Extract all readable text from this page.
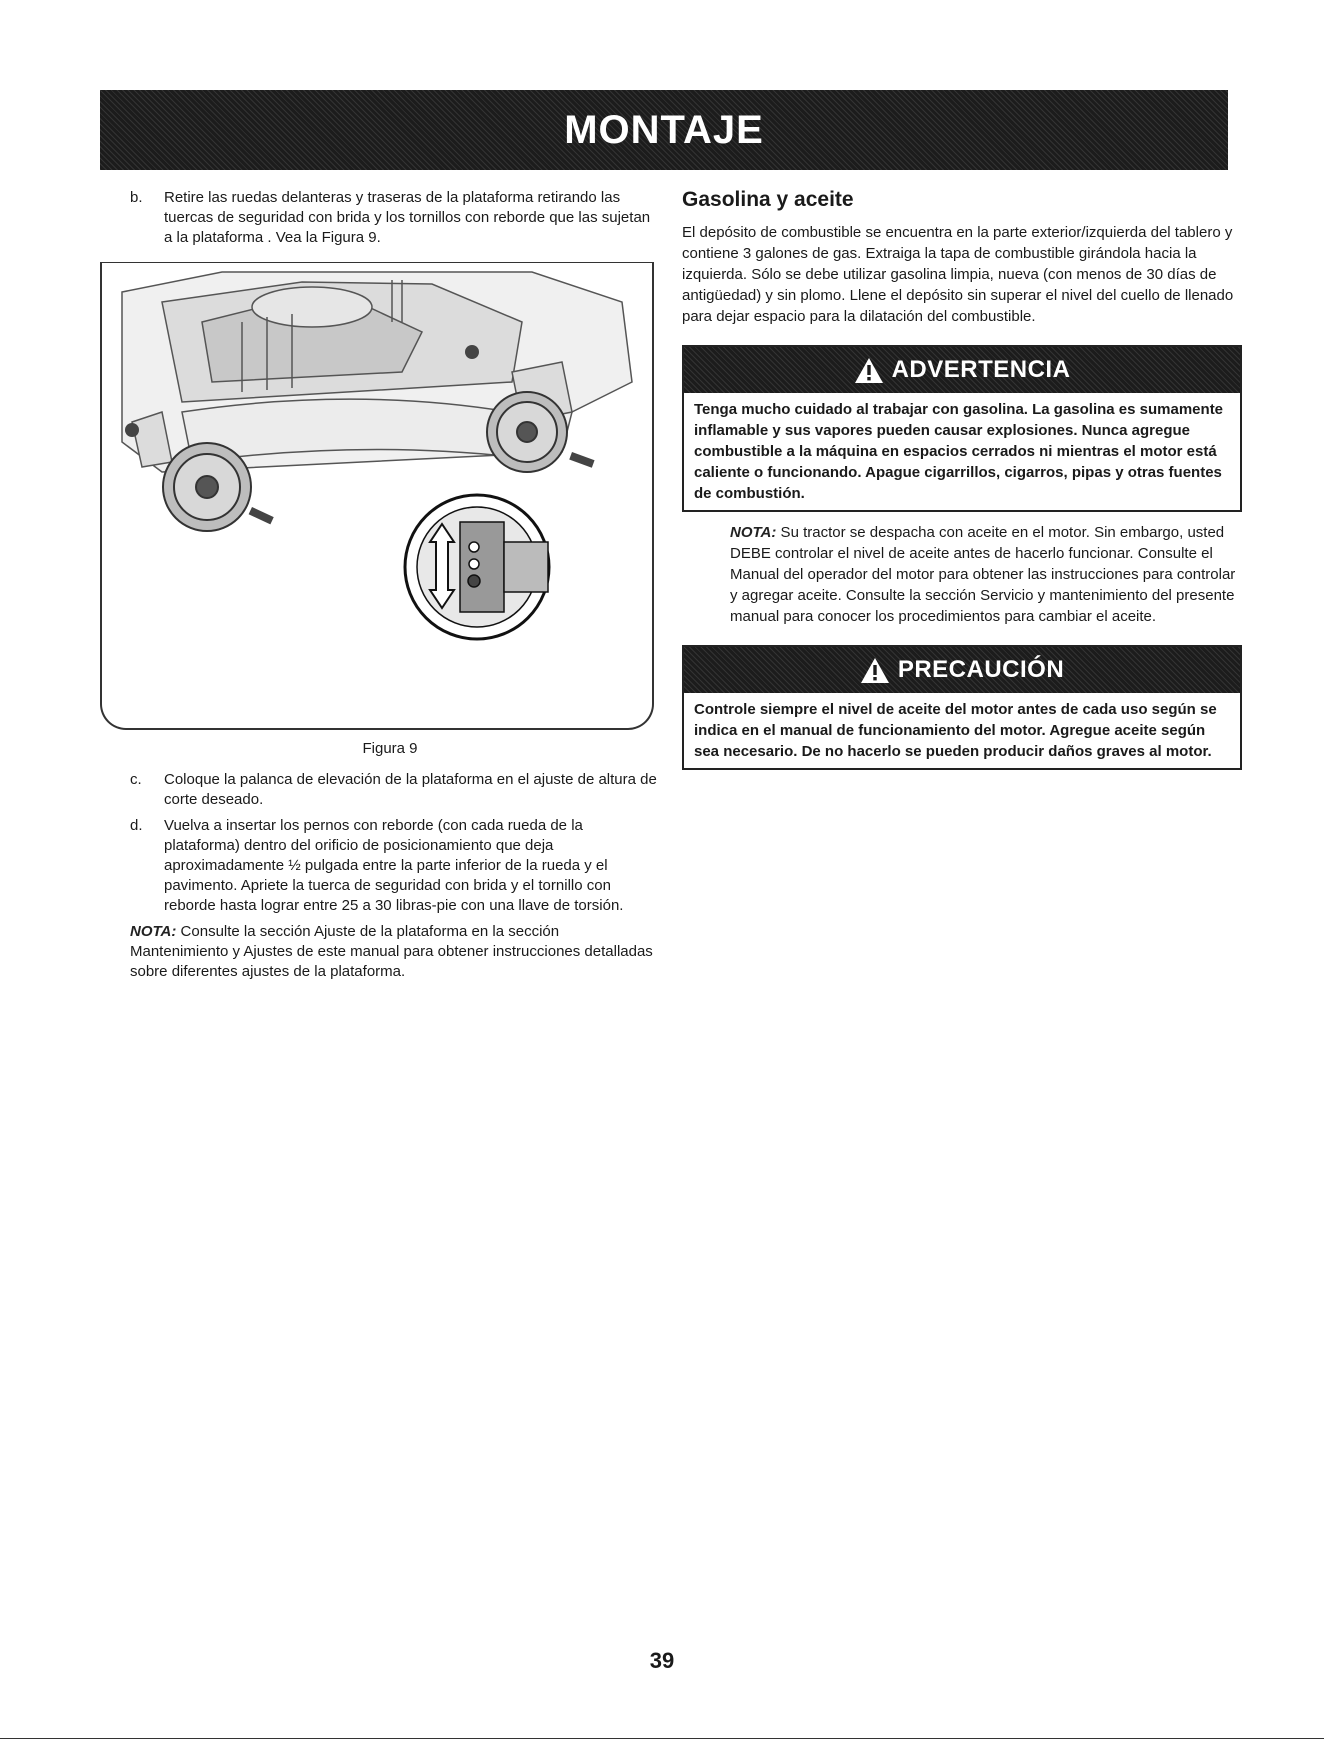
MONTAJE
b.	Retire las ruedas delanteras y traseras de la plataforma retirando las tuercas de seguridad con brida y los tornillos con reborde que las sujetan a la plataforma . Vea la Figura 9.
Figura 9
c.	Coloque la palanca de elevación de la plataforma en el ajuste de altura de corte deseado.
d.	Vuelva a insertar los pernos con reborde (con cada rueda de la plataforma) dentro del orificio de posicionamiento que deja aproximadamente ½ pulgada entre la parte inferior de la rueda y el pavimento. Apriete la tuerca de seguridad con brida y el tornillo con reborde hasta lograr entre 25 a 30 libras-pie con una llave de torsión.

NOTA: Consulte la sección Ajuste de la plataforma en la sección Mantenimiento y Ajustes de este manual para obtener instrucciones detalladas sobre diferentes ajustes de la plataforma.

Gasolina y aceite

El depósito de combustible se encuentra en la parte exterior/izquierda del tablero y contiene 3 galones de gas. Extraiga la tapa de combustible girándola hacia la izquierda. Sólo se debe utilizar gasolina limpia, nueva (con menos de 30 días de antigüedad) y sin plomo. Llene el depósito sin superar el nivel del cuello de llenado para dejar espacio para la dilatación del combustible.

ADVERTENCIA
Tenga mucho cuidado al trabajar con gasolina. La gasolina es sumamente inflamable y sus vapores pueden causar explosiones. Nunca agregue combustible a la máquina en espacios cerrados ni mientras el motor está caliente o funcionando. Apague cigarrillos, cigarros, pipas y otras fuentes de combustión.

NOTA: Su tractor se despacha con aceite en el motor. Sin embargo, usted DEBE controlar el nivel de aceite antes de hacerlo funcionar. Consulte el Manual del operador del motor para obtener las instrucciones para controlar y agregar aceite. Consulte la sección Servicio y mantenimiento del presente manual para conocer los procedimientos para cambiar el aceite.

PRECAUCIÓN
Controle siempre el nivel de aceite del motor antes de cada uso según se indica en el manual de funcionamiento del motor. Agregue aceite según sea necesario. De no hacerlo se pueden producir daños graves al motor.
39
